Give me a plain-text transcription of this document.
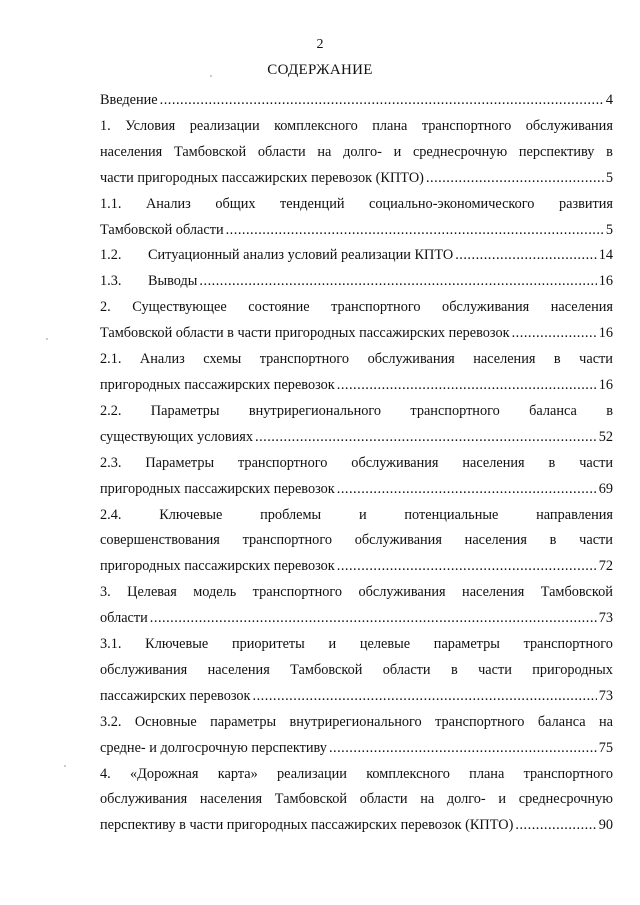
2
СОДЕРЖАНИЕ
Введение .....	4
1. Условия реализации комплексного плана транспортного обслуживания
населения Тамбовской области на долго- и среднесрочную перспективу в
части пригородных пассажирских перевозок (КПТО) .....	5
1.1. Анализ общих тенденций социально-экономического развития
Тамбовской области .....	5
1.2.	Ситуационный анализ условий реализации КПТО .....	14
1.3.	Выводы .....	16
2. Существующее состояние транспортного обслуживания населения
Тамбовской области в части пригородных пассажирских перевозок .....	16
2.1. Анализ схемы транспортного обслуживания населения в части
пригородных пассажирских перевозок .....	16
2.2. Параметры внутрирегионального транспортного баланса в
существующих условиях .....	52
2.3. Параметры транспортного обслуживания населения в части
пригородных пассажирских перевозок .....	69
2.4.	Ключевые	проблемы	и	потенциальные	направления
совершенствования транспортного обслуживания населения в части
пригородных пассажирских перевозок .....	72
3. Целевая модель транспортного обслуживания населения Тамбовской
области .....	73
3.1. Ключевые приоритеты и целевые параметры транспортного
обслуживания населения Тамбовской области в части пригородных
пассажирских перевозок .....	73
3.2. Основные параметры внутрирегионального транспортного баланса на
средне- и долгосрочную перспективу .....	75
4. «Дорожная карта» реализации комплексного плана транспортного
обслуживания населения Тамбовской области на долго- и среднесрочную
перспективу в части пригородных пассажирских перевозок (КПТО) .....	90
